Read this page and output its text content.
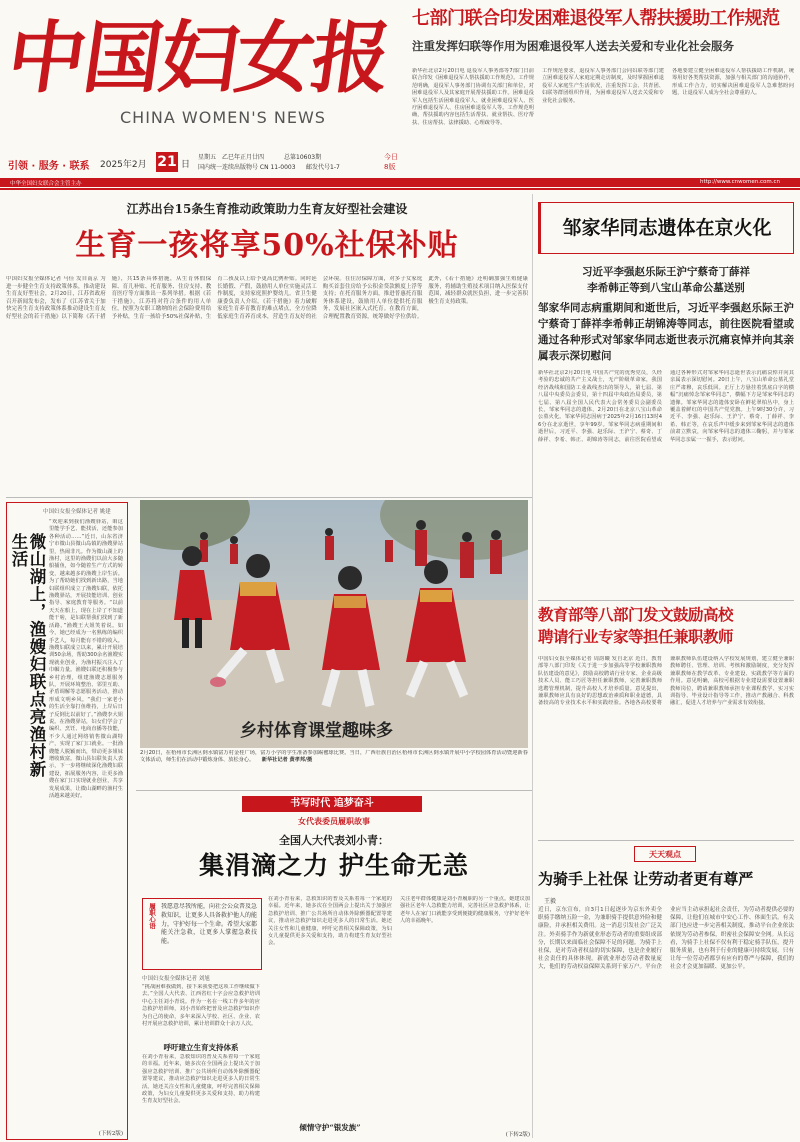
中国妇女报
CHINA WOMEN'S NEWS
引领 · 服务 · 联系 2025年2月 21 日
星期五 乙巳年正月廿四	总第10603期
国内统一连续出版物号 CN 11-0003 邮发代号1-7
今日
8版
中华全国妇女联合会主管主办	http://www.cnwomen.com.cn
七部门联合印发困难退役军人帮扶援助工作规范
注重发挥妇联等作用为困难退役军人送去关爱和专业化社会服务
新华社北京2月20日电 退役军人事务部等7部门日前联合印发《困难退役军人帮扶援助工作规范》。工作规范明确，退役军人事务部门协调有关部门和单位，对困难退役军人及其家庭开展帮扶援助工作。困难退役军人包括生活困难退役军人、就业困难退役军人、医疗困难退役军人、住房困难退役军人等。工作规范明确，帮扶援助内容包括生活帮扶、就业帮扶、医疗帮扶、住房帮扶、法律援助、心理疏导等。
工作规范要求，退役军人事务部门会同妇联等部门建立困难退役军人家庭定期走访制度，及时掌握困难退役军人家庭生产生活状况，注重发挥工会、共青团、妇联等群团组织作用，为困难退役军人送去关爱和专业化社会服务。
各地要建立健全困难退役军人帮扶援助工作机制，统筹用好各类帮扶资源，加强与相关部门的沟通协作，形成工作合力，切实解决困难退役军人急难愁盼问题，让退役军人成为全社会尊重的人。
江苏出台15条生育推动政策助力生育友好型社会建设
生育一孩将享50%社保补贴
中国妇女报全媒体记者 马佳 发自南京 为进一步健全生育支持政策体系，推动建设生育友好型社会，2月20日，江苏省政府召开新闻发布会，发布了《江苏省关于加快完善生育支持政策体系推动建设生育友好型社会的若干措施》以下简称《若干措施》，共15条具体措施，从生育休假保障、育儿补贴、托育服务、住房支持、教育医疗等方面推出一系列举措。根据《若干措施》，江苏将对符合条件的用人单位，按照为女职工缴纳的社会保险费用给予补贴，生育一孩给予50%社保补贴，生育二孩及以上给予更高比例补贴。同时延长婚假、产假，鼓励用人单位实施灵活工作制度，支持家庭照护婴幼儿。省卫生健康委负责人介绍，《若干措施》着力破解家庭生育养育教育的难点堵点，全方位降低家庭生育养育成本，营造生育友好的社会环境。在住房保障方面，对多子女家庭购买首套住房给予公积金贷款额度上浮等支持；在托育服务方面，推进普惠托育服务体系建设，鼓励用人单位提供托育服务，发展社区嵌入式托育。在教育方面，合理配置教育资源，统筹做好学位供给。此外，《若干措施》还明确加强生殖健康服务，将辅助生殖技术项目纳入医保支付范围，减轻群众就医负担，进一步完善积极生育支持政策。
邹家华同志遗体在京火化
习近平李强赵乐际王沪宁蔡奇丁薛祥
李希韩正等到八宝山革命公墓送别
邹家华同志病重期间和逝世后，习近平李强赵乐际王沪宁蔡奇丁薛祥李希韩正胡锦涛等同志，前往医院看望或通过各种形式对邹家华同志逝世表示沉痛哀悼并向其亲属表示深切慰问
新华社北京2月20日电 中国共产党的优秀党员，久经考验的忠诚的共产主义战士，无产阶级革命家，我国经济战线和国防工业战线杰出的领导人，第七届、第八届中央委员会委员，第十四届中央政治局委员，第七届、第八届全国人民代表大会常务委员会副委员长，邹家华同志的遗体，2月20日在北京八宝山革命公墓火化。邹家华同志因病于2025年2月16日13时46分在北京逝世，享年99岁。邹家华同志病重期间和逝世后，习近平、李强、赵乐际、王沪宁、蔡奇、丁薛祥、李希、韩正、胡锦涛等同志，前往医院看望或通过各种形式对邹家华同志逝世表示沉痛哀悼并向其亲属表示深切慰问。20日上午，八宝山革命公墓礼堂庄严肃穆，哀乐低回。正厅上方悬挂着黑底白字的横幅“沉痛悼念邹家华同志”，横幅下方是邹家华同志的遗像。邹家华同志的遗体安卧在鲜花翠柏丛中，身上覆盖着鲜红的中国共产党党旗。上午9时30分许，习近平、李强、赵乐际、王沪宁、蔡奇、丁薛祥、李希、韩正等，在哀乐声中缓步来到邹家华同志的遗体前肃立默哀，向邹家华同志的遗体三鞠躬，并与邹家华同志亲属一一握手，表示慰问。
中国妇女报全媒体记者 姚建
微山湖上，渔嫂妇联点亮渔村新生活
“欢迎来到我们渔嫂驿站，咱这里能学手艺、能找活，还能参加各种活动……”近日，山东省济宁市微山县微山岛镇的渔嫂驿站里，热闹非凡。作为微山湖上的渔村，这里的渔嫂们以前大多随船捕鱼，如今随着生产方式的转变，越来越多的渔嫂上岸生活。为了帮助她们找到新出路，当地妇联组织成立了渔嫂妇联，依托渔嫂驿站，开展技能培训、创业指导、家庭教育等服务。“以前天天在船上，现在上岸了不知道能干啥，是妇联帮我们找到了新活路。”渔嫂王大姐笑着说。如今，她已经成为一名熟练的编织手艺人，每月能有不错的收入。渔嫂妇联成立以来，累计开展培训50余场，帮助300余名渔嫂实现就业创业，为渔村振兴注入了巾帼力量。渔嫂妇联还积极参与乡村治理，组建渔嫂志愿服务队，开展环境整治、邻里互助、矛盾调解等志愿服务活动，推动形成文明乡风。“我们一家老小的生活全靠打鱼维持，上岸后日子反倒比以前好了。”渔嫂李大姐说。在渔嫂驿站，妇女们学会了编织、烹饪、电商直播等技能，不少人通过网络销售微山湖特产，实现了家门口就业。一批渔嫂能人脱颖而出，带动更多姐妹增收致富。微山县妇联负责人表示，下一步将继续深化渔嫂妇联建设，拓展服务内容，让更多渔嫂在家门口实现就业创业，共享发展成果，让微山湖畔的渔村生活越来越美好。
(下转2版)
乡村体育课堂趣味多
2月20日，在梧州市长洲区倒水镇富万村金桂广场，富万小学的学生准备参加踢毽球比赛。当日，广西壮族自治区梧州市长洲区倒水镇开展中小学校园体育活动暨迎新春文体活动，师生们在活动中锻炼身体、放松身心。 新华社记者 黄孝邦/摄
书写时代 追梦奋斗
女代表委员履职故事
全国人大代表刘小青：
集涓滴之力 护生命无恙
履职心语 我愿意尽我所能，向社会公众普及急救知识，让更多人具备救护他人的能力，守护好每一个生命。希望大家都能关注急救，让更多人掌握急救技能。
中国妇女报全媒体记者 刘旭
“挑战困难我做到，接下来我要把这项工作继续做下去。”全国人大代表、江西省红十字会应急救护培训中心主任刘小青说。作为一名在一线工作多年的应急救护培训师，刘小青始终把普及应急救护知识作为自己的使命，多年来深入学校、社区、企业、农村开展应急救护培训，累计培训群众十余万人次。
呼吁建立生育支持体系
在刘小青看来，急救知识的普及关系着每一个家庭的幸福。近年来，她多次在全国两会上提出关于加强应急救护培训、推广公共场所自动体外除颤器配置等建议，推动应急救护知识走进更多人的日常生活。她还关注女性和儿童健康，呼吁完善相关保障政策，为妇女儿童提供更多关爱和支持，助力构建生育友好型社会。
在刘小青看来，急救知识的普及关系着每一个家庭的幸福。近年来，她多次在全国两会上提出关于加强应急救护培训、推广公共场所自动体外除颤器配置等建议，推动应急救护知识走进更多人的日常生活。她还关注女性和儿童健康，呼吁完善相关保障政策，为妇女儿童提供更多关爱和支持，助力构建生育友好型社会。
倾情守护“银发族”
关注老年群体健康是刘小青履职的另一个重点。她建议加强社区老年人急救能力培训，完善社区应急救护体系，让老年人在家门口就能享受到便捷的健康服务，守护好老年人的幸福晚年。
(下转2版)
教育部等八部门发文鼓励高校
聘请行业专家等担任兼职教师
中国妇女报全媒体记者 周韵曦 发自北京 近日，教育部等八部门印发《关于进一步加强高等学校兼职教师队伍建设的意见》，鼓励高校聘请行业专家、企业高级技术人员、能工巧匠等担任兼职教师，完善兼职教师选聘管理机制，提升高校人才培养质量。意见提出，兼职教师应具有良好的思想政治素质和职业道德，具备较高的专业技术水平和实践经验。各地各高校要将兼职教师队伍建设纳入学校发展规划，建立健全兼职教师聘任、管理、培训、考核和激励制度，充分发挥兼职教师在教学改革、专业建设、实践教学等方面的作用。意见明确，高校可根据专业建设需要设置兼职教师岗位，聘请兼职教师承担专业课程教学、实习实训指导、毕业设计指导等工作，推动产教融合、科教融汇，促进人才培养与产业需求有效衔接。
天天观点
为骑手上社保 让劳动者更有尊严
王毅
近日，京东宣布，自3月1日起逐步为京东外卖全职骑手缴纳五险一金，为兼职骑手提供意外险和健康险，并承担相关费用。这一消息引发社会广泛关注。外卖骑手作为新就业形态劳动者的重要组成部分，长期以来面临社会保障不足的问题。为骑手上社保，是对劳动者权益的切实保障，也是企业履行社会责任的具体体现。新就业形态劳动者数量庞大，他们的劳动权益保障关系到千家万户。平台企业应当主动承担起社会责任，为劳动者提供必要的保障，让他们在城市中安心工作、体面生活。有关部门也应进一步完善相关制度，推动平台企业依法依规为劳动者参保，织密社会保障安全网。从长远看，为骑手上社保不仅有利于稳定骑手队伍，提升服务质量，也有利于行业的健康可持续发展。只有让每一位劳动者都享有应有的尊严与保障，我们的社会才会更加温暖、更加公平。
